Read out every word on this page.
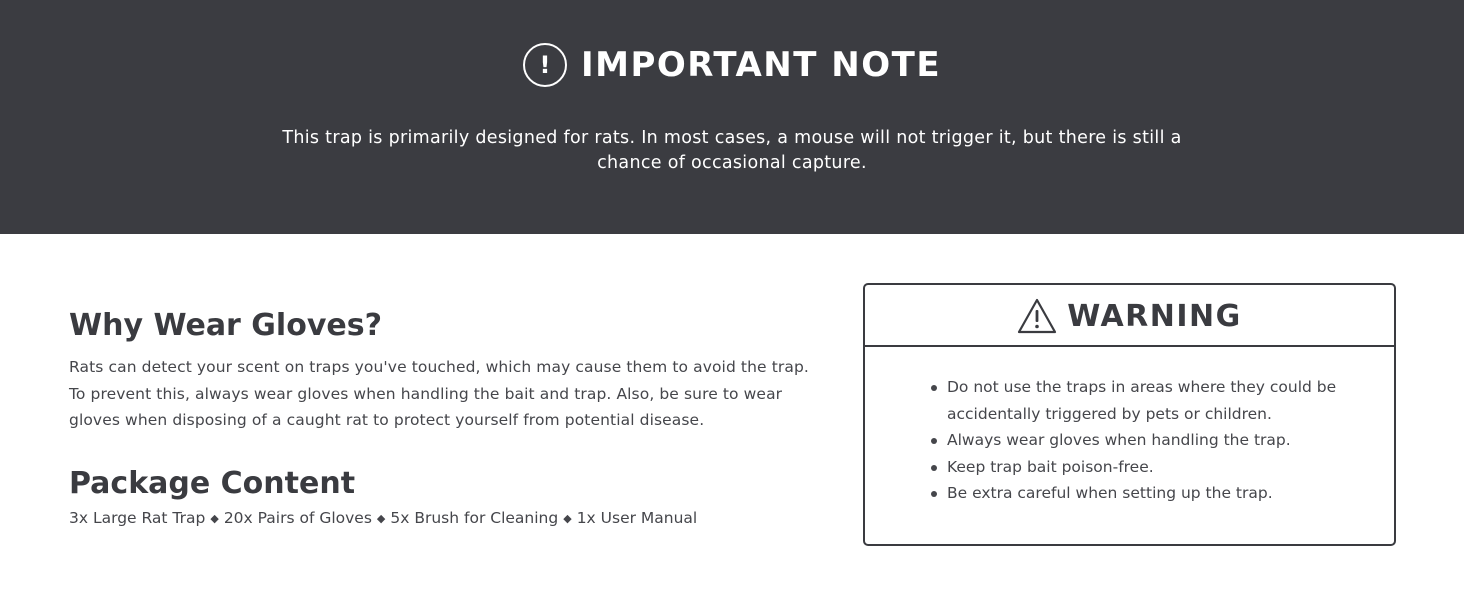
! IMPORTANT NOTE
This trap is primarily designed for rats. In most cases, a mouse will not trigger it, but there is still a chance of occasional capture.
Why Wear Gloves?

Rats can detect your scent on traps you've touched, which may cause them to avoid the trap. To prevent this, always wear gloves when handling the bait and trap. Also, be sure to wear gloves when disposing of a caught rat to protect yourself from potential disease.

Package Content
3x Large Rat Trap ◆ 20x Pairs of Gloves ◆ 5x Brush for Cleaning ◆ 1x User Manual
WARNING
Do not use the traps in areas where they could be accidentally triggered by pets or children.
Always wear gloves when handling the trap.
Keep trap bait poison-free.
Be extra careful when setting up the trap.
